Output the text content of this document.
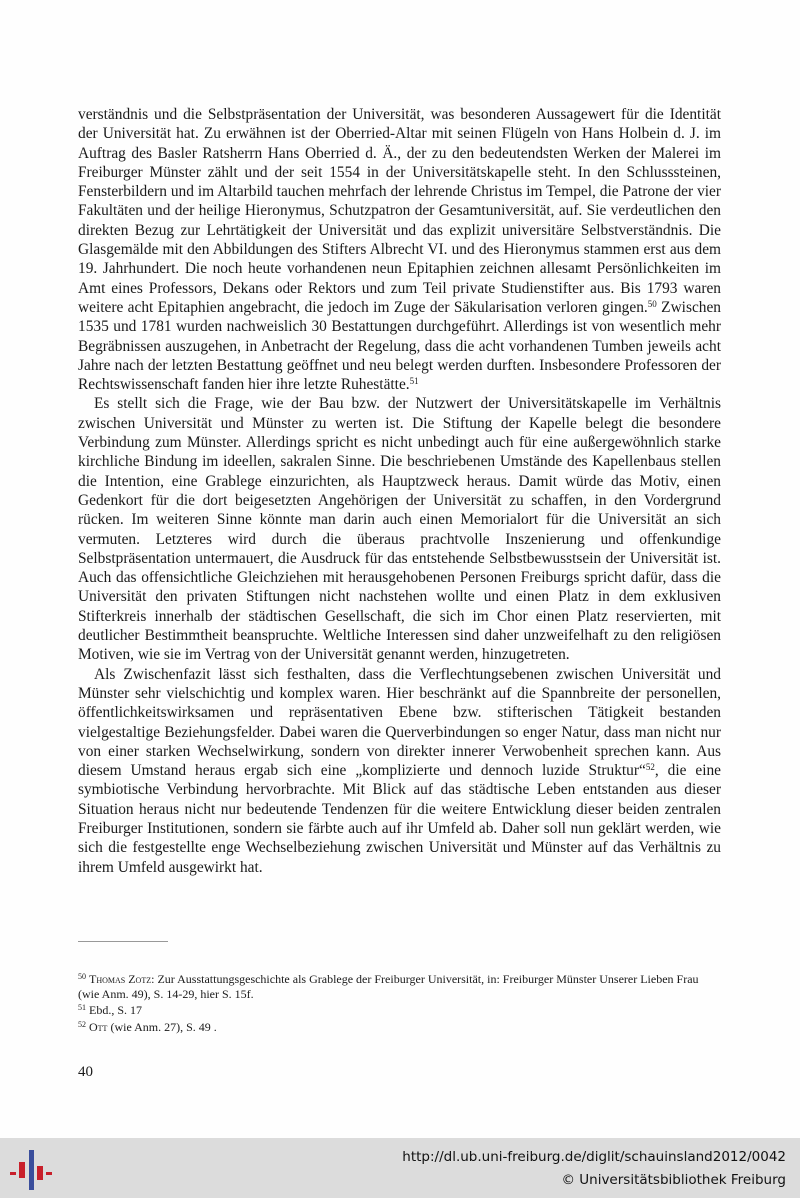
verständnis und die Selbstpräsentation der Universität, was besonderen Aussagewert für die Identität der Universität hat. Zu erwähnen ist der Oberried-Altar mit seinen Flügeln von Hans Holbein d. J. im Auftrag des Basler Ratsherrn Hans Oberried d. Ä., der zu den bedeutendsten Werken der Malerei im Freiburger Münster zählt und der seit 1554 in der Universitätskapelle steht. In den Schlusssteinen, Fensterbildern und im Altarbild tauchen mehrfach der lehrende Christus im Tempel, die Patrone der vier Fakultäten und der heilige Hieronymus, Schutzpatron der Gesamtuniversität, auf. Sie verdeutlichen den direkten Bezug zur Lehrtätigkeit der Universität und das explizit universitäre Selbstverständnis. Die Glasgemälde mit den Abbildungen des Stifters Albrecht VI. und des Hieronymus stammen erst aus dem 19. Jahrhundert. Die noch heute vorhandenen neun Epitaphien zeichnen allesamt Persönlichkeiten im Amt eines Professors, Dekans oder Rektors und zum Teil private Studienstifter aus. Bis 1793 waren weitere acht Epitaphien angebracht, die jedoch im Zuge der Säkularisation verloren gingen.$^{50}$ Zwischen 1535 und 1781 wurden nachweislich 30 Bestattungen durchgeführt. Allerdings ist von wesentlich mehr Begräbnissen auszugehen, in Anbetracht der Regelung, dass die acht vorhandenen Tumben jeweils acht Jahre nach der letzten Bestattung geöffnet und neu belegt werden durften. Insbesondere Professoren der Rechtswissenschaft fanden hier ihre letzte Ruhestätte.$^{51}$

Es stellt sich die Frage, wie der Bau bzw. der Nutzwert der Universitätskapelle im Verhältnis zwischen Universität und Münster zu werten ist. Die Stiftung der Kapelle belegt die besondere Verbindung zum Münster. Allerdings spricht es nicht unbedingt auch für eine außergewöhnlich starke kirchliche Bindung im ideellen, sakralen Sinne. Die beschriebenen Umstände des Kapellenbaus stellen die Intention, eine Grablege einzurichten, als Hauptzweck heraus. Damit würde das Motiv, einen Gedenkort für die dort beigesetzten Angehörigen der Universität zu schaffen, in den Vordergrund rücken. Im weiteren Sinne könnte man darin auch einen Memorialort für die Universität an sich vermuten. Letzteres wird durch die überaus prachtvolle Inszenierung und offenkundige Selbstpräsentation untermauert, die Ausdruck für das entstehende Selbstbewusstsein der Universität ist. Auch das offensichtliche Gleichziehen mit herausgehobenen Personen Freiburgs spricht dafür, dass die Universität den privaten Stiftungen nicht nachstehen wollte und einen Platz in dem exklusiven Stifterkreis innerhalb der städtischen Gesellschaft, die sich im Chor einen Platz reservierten, mit deutlicher Bestimmtheit beanspruchte. Weltliche Interessen sind daher unzweifelhaft zu den religiösen Motiven, wie sie im Vertrag von der Universität genannt werden, hinzugetreten.

Als Zwischenfazit lässt sich festhalten, dass die Verflechtungsebenen zwischen Universität und Münster sehr vielschichtig und komplex waren. Hier beschränkt auf die Spannbreite der personellen, öffentlichkeitswirksamen und repräsentativen Ebene bzw. stifterischen Tätigkeit bestanden vielgestaltige Beziehungsfelder. Dabei waren die Querverbindungen so enger Natur, dass man nicht nur von einer starken Wechselwirkung, sondern von direkter innerer Verwobenheit sprechen kann. Aus diesem Umstand heraus ergab sich eine „komplizierte und dennoch luzide Struktur“$^{52}$, die eine symbiotische Verbindung hervorbrachte. Mit Blick auf das städtische Leben entstanden aus dieser Situation heraus nicht nur bedeutende Tendenzen für die weitere Entwicklung dieser beiden zentralen Freiburger Institutionen, sondern sie färbte auch auf ihr Umfeld ab. Daher soll nun geklärt werden, wie sich die festgestellte enge Wechselbeziehung zwischen Universität und Münster auf das Verhältnis zu ihrem Umfeld ausgewirkt hat.

$^{50}$ Thomas Zotz: Zur Ausstattungsgeschichte als Grablege der Freiburger Universität, in: Freiburger Münster Unserer Lieben Frau (wie Anm. 49), S. 14-29, hier S. 15f.

$^{51}$ Ebd., S. 17

$^{52}$ Ott (wie Anm. 27), S. 49 .

40
http://dl.ub.uni-freiburg.de/diglit/schauinsland2012/0042
© Universitätsbibliothek Freiburg
